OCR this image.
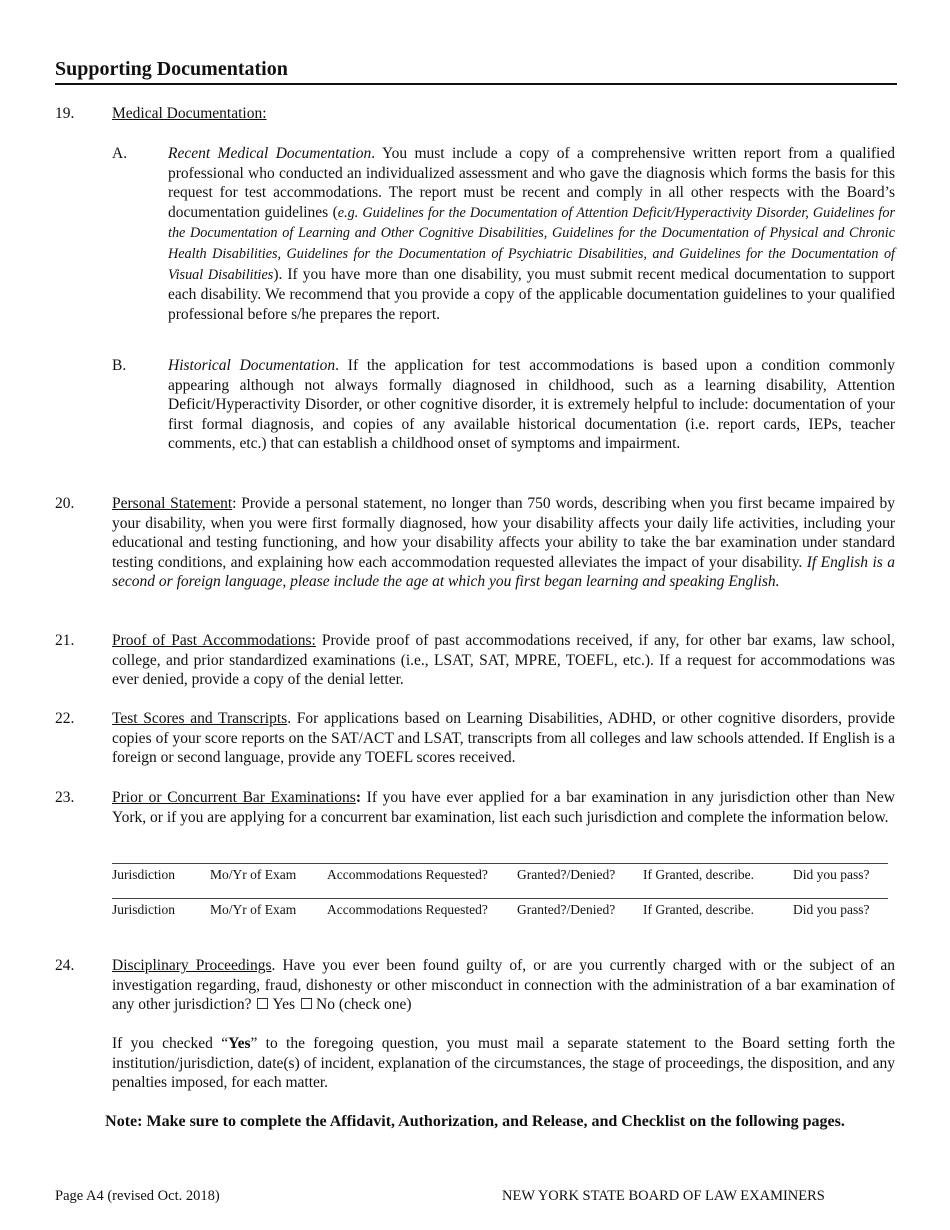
Supporting Documentation
19. Medical Documentation:
A.	Recent Medical Documentation. You must include a copy of a comprehensive written report from a qualified professional who conducted an individualized assessment and who gave the diagnosis which forms the basis for this request for test accommodations. The report must be recent and comply in all other respects with the Board’s documentation guidelines (e.g. Guidelines for the Documentation of Attention Deficit/Hyperactivity Disorder, Guidelines for the Documentation of Learning and Other Cognitive Disabilities, Guidelines for the Documentation of Physical and Chronic Health Disabilities, Guidelines for the Documentation of Psychiatric Disabilities, and Guidelines for the Documentation of Visual Disabilities). If you have more than one disability, you must submit recent medical documentation to support each disability. We recommend that you provide a copy of the applicable documentation guidelines to your qualified professional before s/he prepares the report.
B.	Historical Documentation. If the application for test accommodations is based upon a condition commonly appearing although not always formally diagnosed in childhood, such as a learning disability, Attention Deficit/Hyperactivity Disorder, or other cognitive disorder, it is extremely helpful to include: documentation of your first formal diagnosis, and copies of any available historical documentation (i.e. report cards, IEPs, teacher comments, etc.) that can establish a childhood onset of symptoms and impairment.
20. Personal Statement: Provide a personal statement, no longer than 750 words, describing when you first became impaired by your disability, when you were first formally diagnosed, how your disability affects your daily life activities, including your educational and testing functioning, and how your disability affects your ability to take the bar examination under standard testing conditions, and explaining how each accommodation requested alleviates the impact of your disability. If English is a second or foreign language, please include the age at which you first began learning and speaking English.
21. Proof of Past Accommodations: Provide proof of past accommodations received, if any, for other bar exams, law school, college, and prior standardized examinations (i.e., LSAT, SAT, MPRE, TOEFL, etc.). If a request for accommodations was ever denied, provide a copy of the denial letter.
22. Test Scores and Transcripts. For applications based on Learning Disabilities, ADHD, or other cognitive disorders, provide copies of your score reports on the SAT/ACT and LSAT, transcripts from all colleges and law schools attended. If English is a foreign or second language, provide any TOEFL scores received.
23. Prior or Concurrent Bar Examinations: If you have ever applied for a bar examination in any jurisdiction other than New York, or if you are applying for a concurrent bar examination, list each such jurisdiction and complete the information below.
Jurisdiction	Mo/Yr of Exam	Accommodations Requested?	Granted?/Denied?	If Granted, describe.	Did you pass?
Jurisdiction	Mo/Yr of Exam	Accommodations Requested?	Granted?/Denied?	If Granted, describe.	Did you pass?
24. Disciplinary Proceedings. Have you ever been found guilty of, or are you currently charged with or the subject of an investigation regarding, fraud, dishonesty or other misconduct in connection with the administration of a bar examination of any other jurisdiction? Yes No (check one)
If you checked “Yes” to the foregoing question, you must mail a separate statement to the Board setting forth the institution/jurisdiction, date(s) of incident, explanation of the circumstances, the stage of proceedings, the disposition, and any penalties imposed, for each matter.
Note: Make sure to complete the Affidavit, Authorization, and Release, and Checklist on the following pages.
Page A4 (revised Oct. 2018)	NEW YORK STATE BOARD OF LAW EXAMINERS
